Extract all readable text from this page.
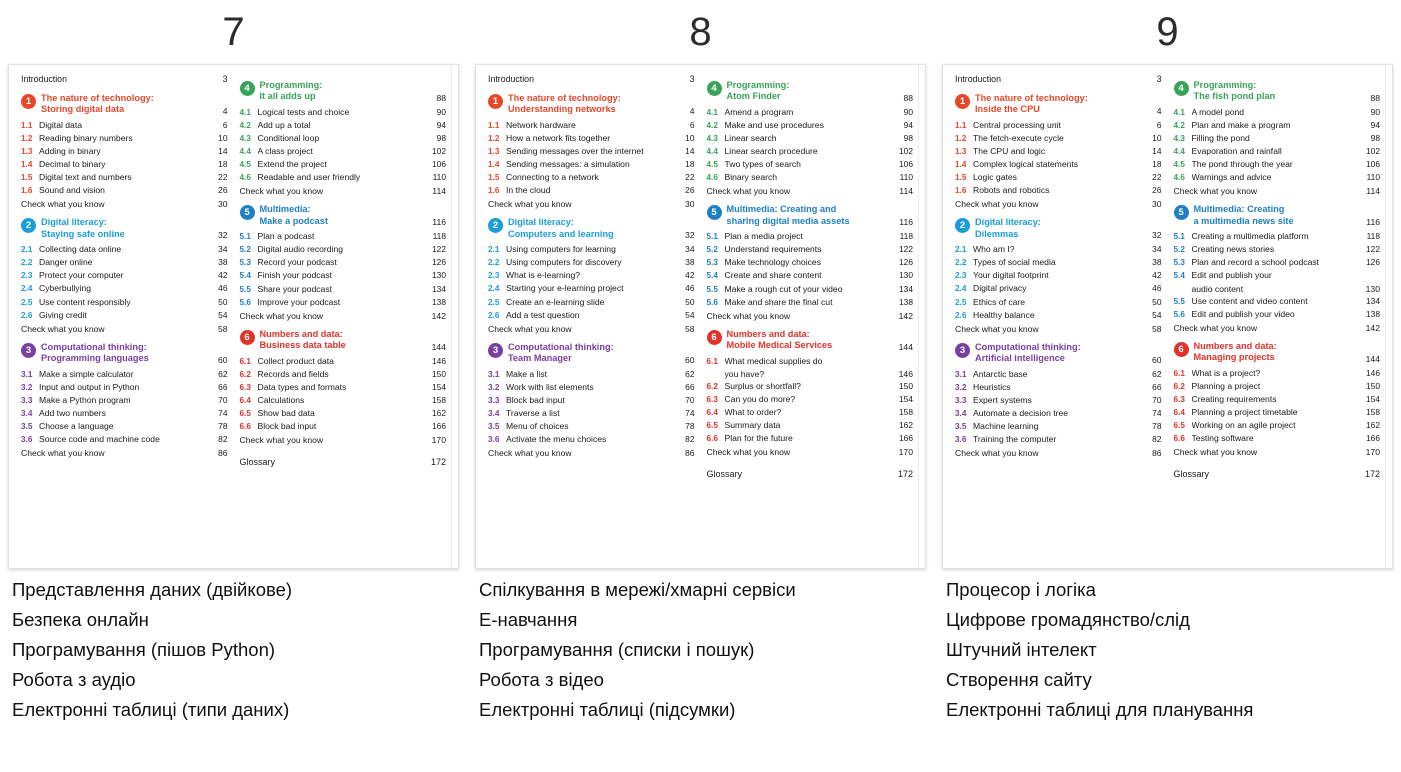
7
Introduction	3
1	The nature of technology:
Storing digital data	4
1.1 Digital data	6
1.2 Reading binary numbers	10
1.3 Adding in binary	14
1.4 Decimal to binary	18
1.5 Digital text and numbers	22
1.6 Sound and vision	26
Check what you know	30
2	Digital literacy:
Staying safe online	32
2.1 Collecting data online	34
2.2 Danger online	38
2.3 Protect your computer	42
2.4 Cyberbullying	46
2.5 Use content responsibly	50
2.6 Giving credit	54
Check what you know	58
3	Computational thinking:
Programming languages	60
3.1 Make a simple calculator	62
3.2 Input and output in Python	66
3.3 Make a Python program	70
3.4 Add two numbers	74
3.5 Choose a language	78
3.6 Source code and machine code	82
Check what you know	86
4	Programming:
It all adds up	88
4.1 Logical tests and choice	90
4.2 Add up a total	94
4.3 Conditional loop	98
4.4 A class project	102
4.5 Extend the project	106
4.6 Readable and user friendly	110
Check what you know	114
5	Multimedia:
Make a podcast	116
5.1 Plan a podcast	118
5.2 Digital audio recording	122
5.3 Record your podcast	126
5.4 Finish your podcast	130
5.5 Share your podcast	134
5.6 Improve your podcast	138
Check what you know	142
6	Numbers and data:
Business data table	144
6.1 Collect product data	146
6.2 Records and fields	150
6.3 Data types and formats	154
6.4 Calculations	158
6.5 Show bad data	162
6.6 Block bad input	166
Check what you know	170
Glossary	172
Представлення даних (двійкове)
Безпека онлайн
Програмування (пішов Python)
Робота з аудіо
Електронні таблиці (типи даних)
8
Introduction	3
1	The nature of technology:
Understanding networks	4
1.1 Network hardware	6
1.2 How a network fits together	10
1.3 Sending messages over the internet	14
1.4 Sending messages: a simulation	18
1.5 Connecting to a network	22
1.6 In the cloud	26
Check what you know	30
2	Digital literacy:
Computers and learning	32
2.1 Using computers for learning	34
2.2 Using computers for discovery	38
2.3 What is e-learning?	42
2.4 Starting your e-learning project	46
2.5 Create an e-learning slide	50
2.6 Add a test question	54
Check what you know	58
3	Computational thinking:
Team Manager	60
3.1 Make a list	62
3.2 Work with list elements	66
3.3 Block bad input	70
3.4 Traverse a list	74
3.5 Menu of choices	78
3.6 Activate the menu choices	82
Check what you know	86
4	Programming:
Atom Finder	88
4.1 Amend a program	90
4.2 Make and use procedures	94
4.3 Linear search	98
4.4 Linear search procedure	102
4.5 Two types of search	106
4.6 Binary search	110
Check what you know	114
5	Multimedia: Creating and
sharing digital media assets	116
5.1 Plan a media project	118
5.2 Understand requirements	122
5.3 Make technology choices	126
5.4 Create and share content	130
5.5 Make a rough cut of your video	134
5.6 Make and share the final cut	138
Check what you know	142
6	Numbers and data:
Mobile Medical Services	144
6.1 What medical supplies do
you have?	146
6.2 Surplus or shortfall?	150
6.3 Can you do more?	154
6.4 What to order?	158
6.5 Summary data	162
6.6 Plan for the future	166
Check what you know	170
Glossary	172
Спілкування в мережі/хмарні сервіси
Е-навчання
Програмування (списки і пошук)
Робота з відео
Електронні таблиці (підсумки)
9
Introduction	3
1	The nature of technology:
Inside the CPU	4
1.1 Central processing unit	6
1.2 The fetch-execute cycle	10
1.3 The CPU and logic	14
1.4 Complex logical statements	18
1.5 Logic gates	22
1.6 Robots and robotics	26
Check what you know	30
2	Digital literacy:
Dilemmas	32
2.1 Who am I?	34
2.2 Types of social media	38
2.3 Your digital footprint	42
2.4 Digital privacy	46
2.5 Ethics of care	50
2.6 Healthy balance	54
Check what you know	58
3	Computational thinking:
Artificial intelligence	60
3.1 Antarctic base	62
3.2 Heuristics	66
3.3 Expert systems	70
3.4 Automate a decision tree	74
3.5 Machine learning	78
3.6 Training the computer	82
Check what you know	86
4	Programming:
The fish pond plan	88
4.1 A model pond	90
4.2 Plan and make a program	94
4.3 Filling the pond	98
4.4 Evaporation and rainfall	102
4.5 The pond through the year	106
4.6 Warnings and advice	110
Check what you know	114
5	Multimedia: Creating
a multimedia news site	116
5.1 Creating a multimedia platform	118
5.2 Creating news stories	122
5.3 Plan and record a school podcast	126
5.4 Edit and publish your
audio content	130
5.5 Use content and video content	134
5.6 Edit and publish your video	138
Check what you know	142
6	Numbers and data:
Managing projects	144
6.1 What is a project?	146
6.2 Planning a project	150
6.3 Creating requirements	154
6.4 Planning a project timetable	158
6.5 Working on an agile project	162
6.6 Testing software	166
Check what you know	170
Glossary	172
Процесор і логіка
Цифрове громадянство/слід
Штучний інтелект
Створення сайту
Електронні таблиці для планування
